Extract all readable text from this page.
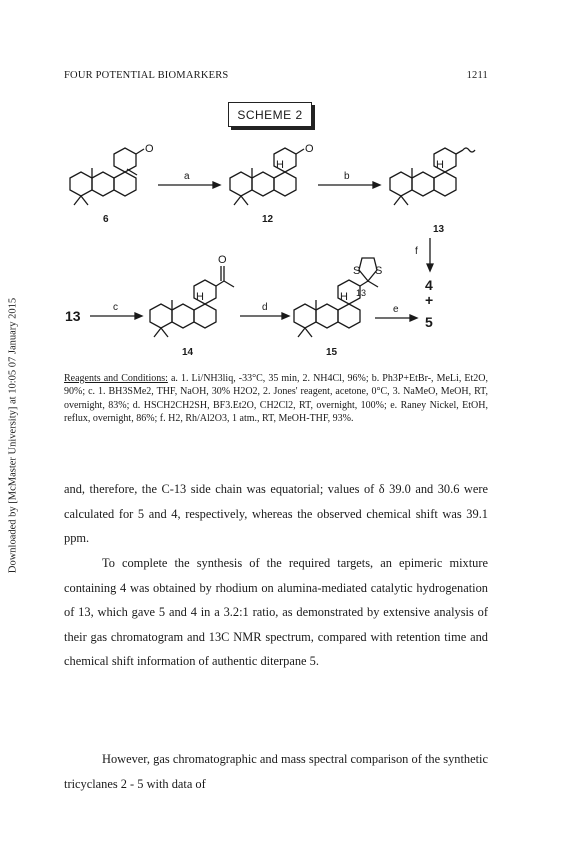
Downloaded by [McMaster University] at 10:05 07 January 2015
FOUR POTENTIAL BIOMARKERS	1211
SCHEME 2
6
O
a
H
O
12
b
H
13
f
4
+
5
13
c
O
H
14
d
S S
H 13
15
e
Reagents and Conditions: a. 1. Li/NH3liq, -33°C, 35 min, 2. NH4Cl, 96%; b. Ph3P+EtBr-, MeLi, Et2O, 90%; c. 1. BH3SMe2, THF, NaOH, 30% H2O2, 2. Jones' reagent, acetone, 0°C, 3. NaMeO, MeOH, RT, overnight, 83%; d. HSCH2CH2SH, BF3.Et2O, CH2Cl2, RT, overnight, 100%; e. Raney Nickel, EtOH, reflux, overnight, 86%; f. H2, Rh/Al2O3, 1 atm., RT, MeOH-THF, 93%.

and, therefore, the C-13 side chain was equatorial; values of δ 39.0 and 30.6 were calculated for 5 and 4, respectively, whereas the observed chemical shift was 39.1 ppm.

To complete the synthesis of the required targets, an epimeric mixture containing 4 was obtained by rhodium on alumina-mediated catalytic hydrogenation of 13, which gave 5 and 4 in a 3.2:1 ratio, as demonstrated by extensive analysis of their gas chromatogram and 13C NMR spectrum, compared with retention time and chemical shift information of authentic diterpane 5.

However, gas chromatographic and mass spectral comparison of the synthetic tricyclanes 2 - 5 with data of
